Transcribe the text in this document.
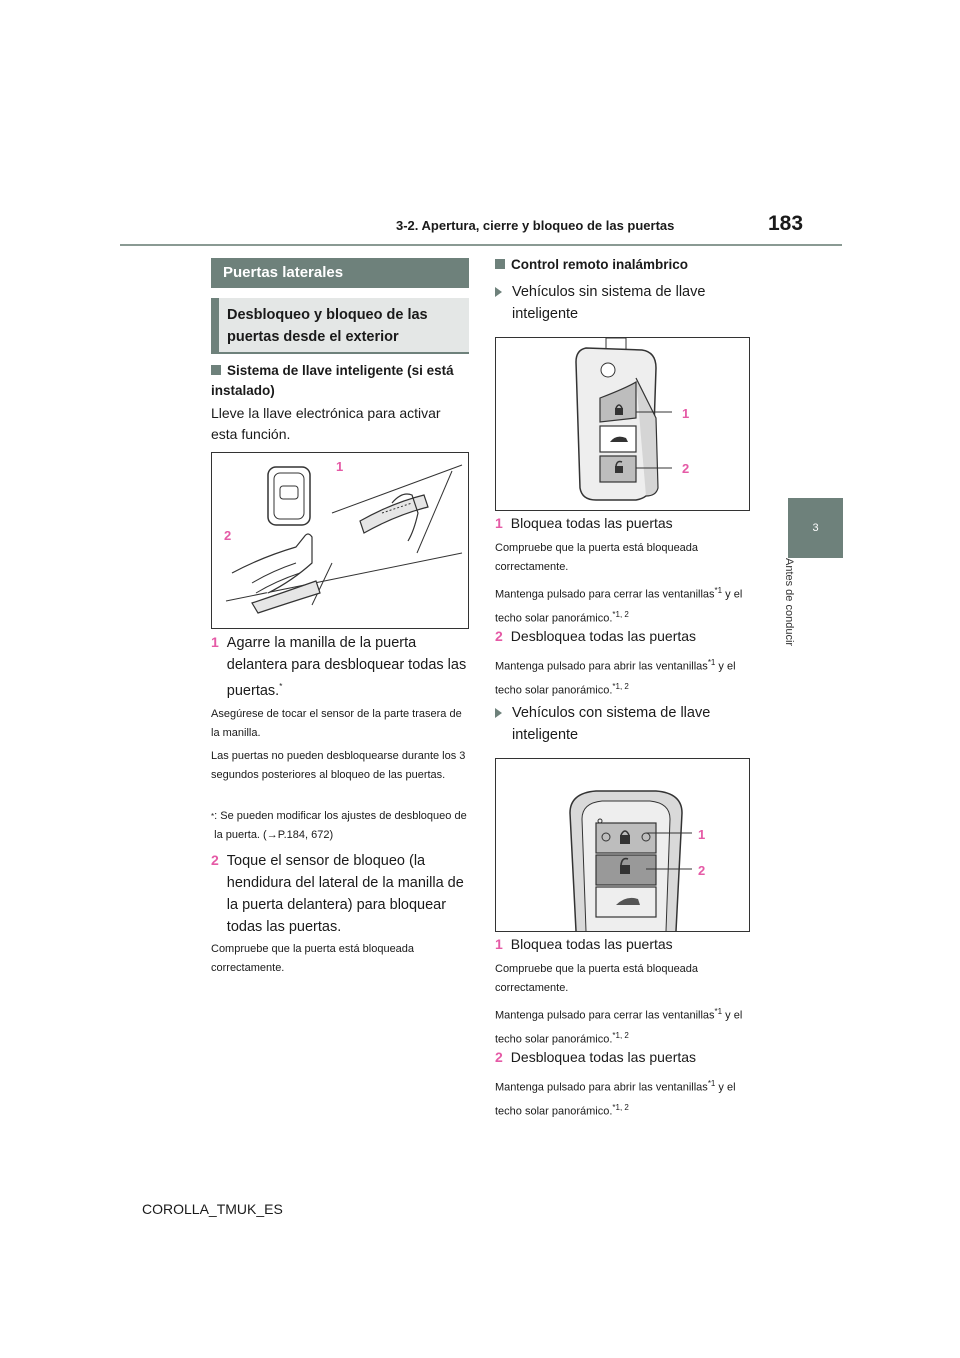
3-2. Apertura, cierre y bloqueo de las puertas	183
3
Antes de conducir
Puertas laterales
Desbloqueo y bloqueo de las puertas desde el exterior
Sistema de llave inteligente (si está instalado)
Lleve la llave electrónica para activar esta función.
1
2
1 Agarre la manilla de la puerta delantera para desbloquear todas las puertas.*
Asegúrese de tocar el sensor de la parte trasera de la manilla.
Las puertas no pueden desbloquearse durante los 3 segundos posteriores al bloqueo de las puertas.
* : Se pueden modificar los ajustes de desbloqueo de la puerta. (→P.184, 672)
2 Toque el sensor de bloqueo (la hendidura del lateral de la manilla de la puerta delantera) para bloquear todas las puertas.
Compruebe que la puerta está bloqueada correctamente.
Control remoto inalámbrico
Vehículos sin sistema de llave inteligente
1
2
1 Bloquea todas las puertas
Compruebe que la puerta está bloqueada correctamente.
Mantenga pulsado para cerrar las ventanillas$^{*1}$ y el techo solar panorámico.$^{*1, 2}$
2 Desbloquea todas las puertas
Mantenga pulsado para abrir las ventanillas$^{*1}$ y el techo solar panorámico.$^{*1, 2}$
Vehículos con sistema de llave inteligente
1
2
1 Bloquea todas las puertas
Compruebe que la puerta está bloqueada correctamente.
Mantenga pulsado para cerrar las ventanillas$^{*1}$ y el techo solar panorámico.$^{*1, 2}$
2 Desbloquea todas las puertas
Mantenga pulsado para abrir las ventanillas$^{*1}$ y el techo solar panorámico.$^{*1, 2}$
COROLLA_TMUK_ES
